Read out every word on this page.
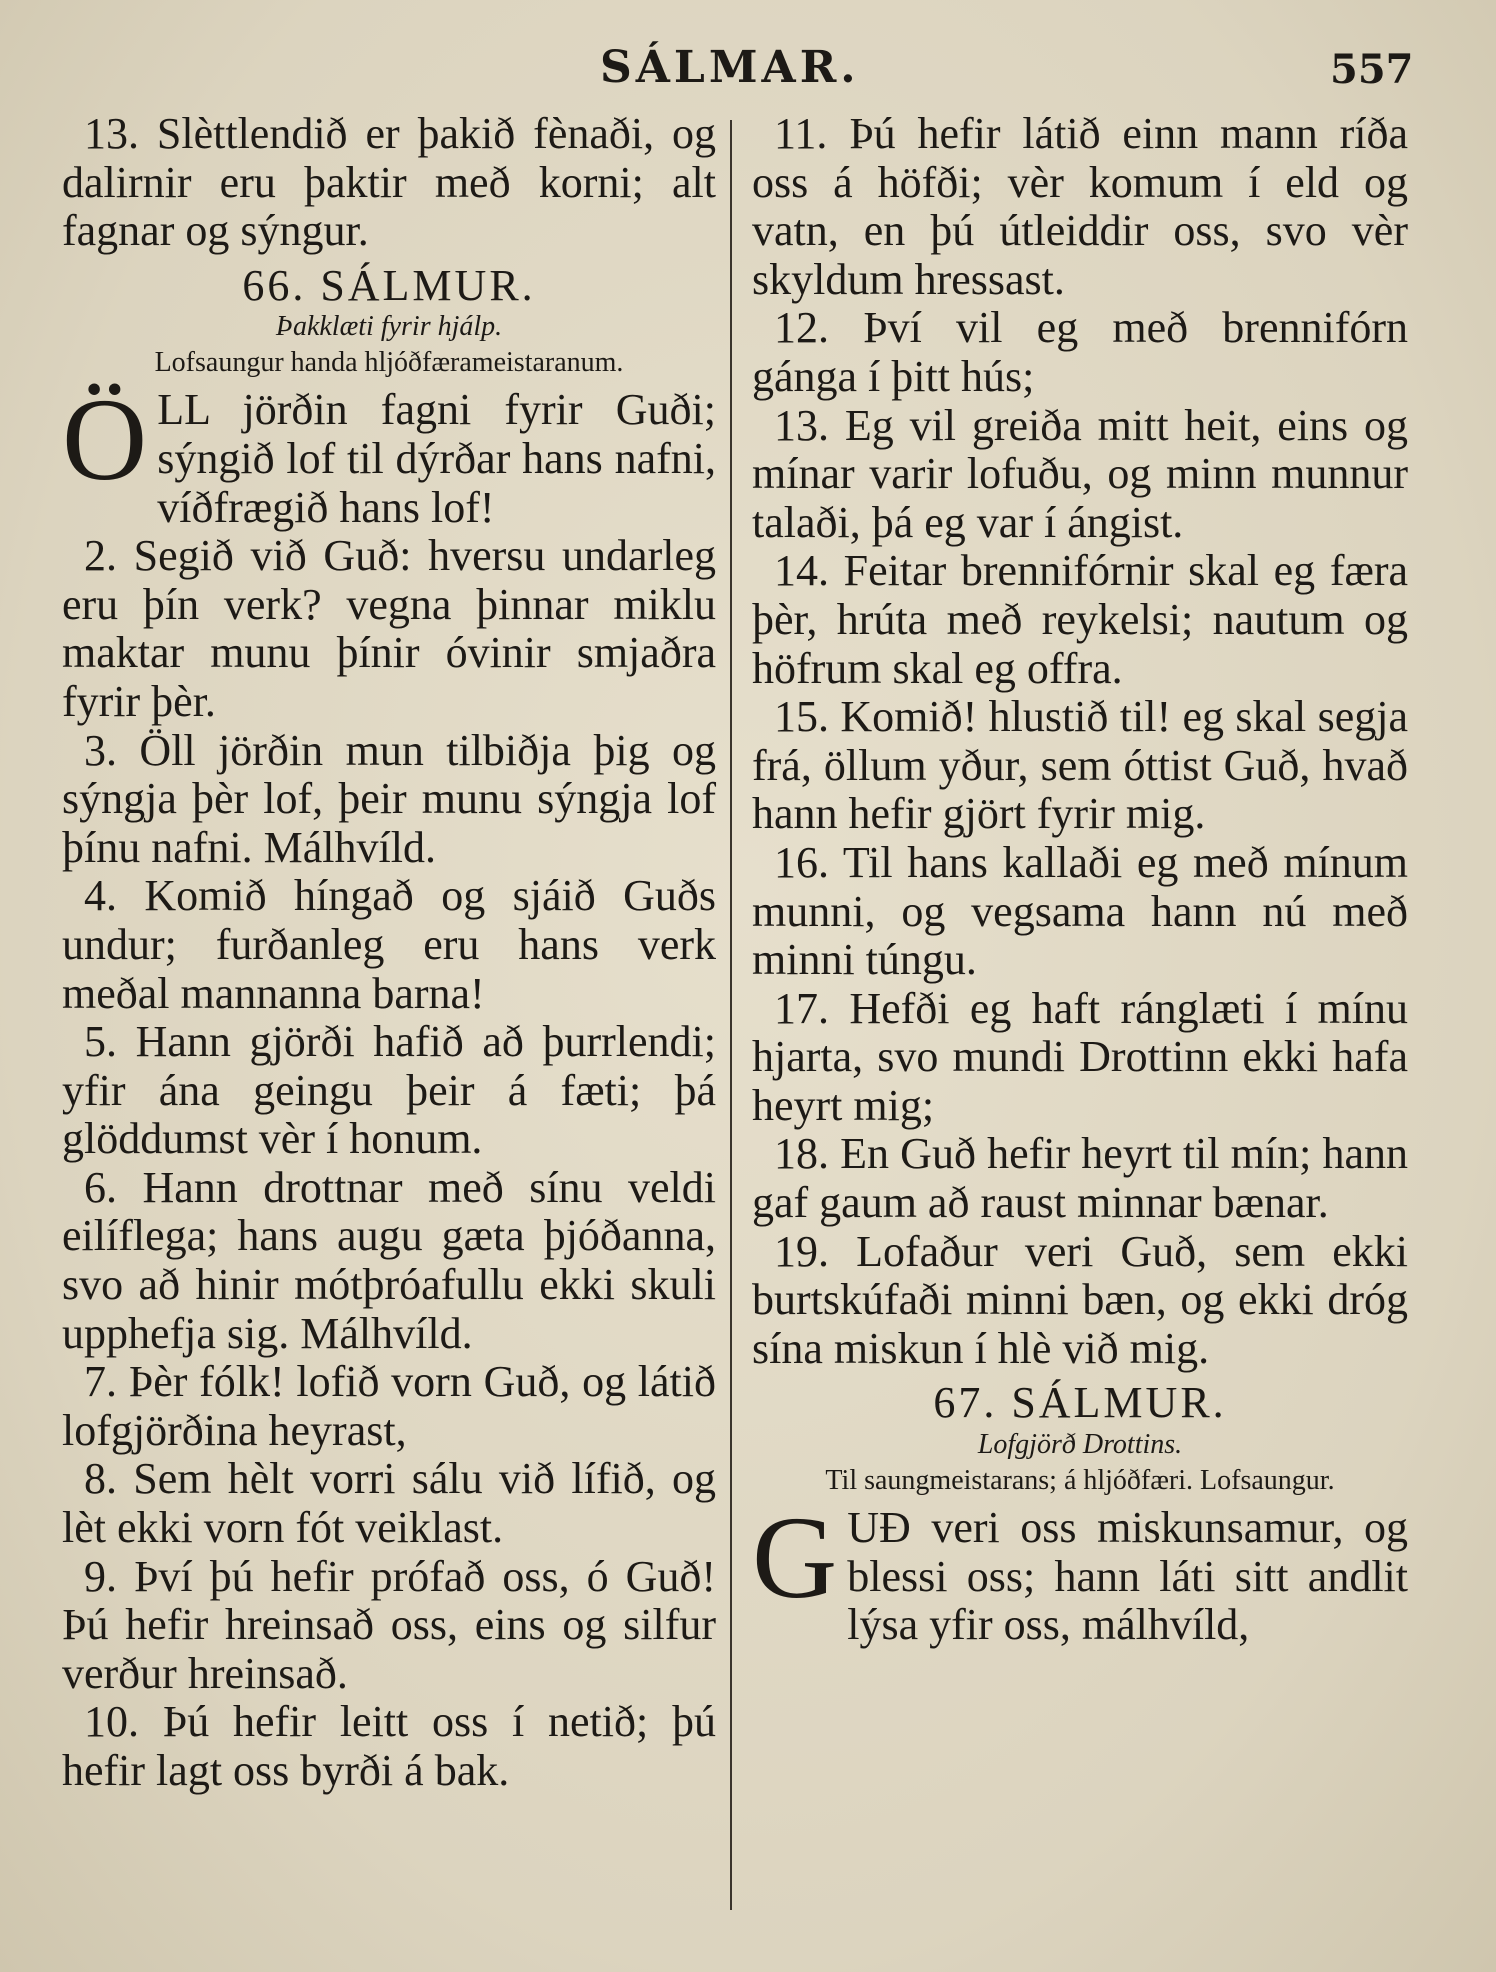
SÁLMAR.	557

13. Slèttlendið er þakið fènaði, og dalirnir eru þaktir með korni; alt fagnar og sýngur.

66. SÁLMUR.
Þakklæti fyrir hjálp.
Lofsaungur handa hljóðfærameistaranum.

ÖLL jörðin fagni fyrir Guði; sýngið lof til dýrðar hans nafni, víðfrægið hans lof!

2. Segið við Guð: hversu undarleg eru þín verk? vegna þinnar miklu maktar munu þínir óvinir smjaðra fyrir þèr.

3. Öll jörðin mun tilbiðja þig og sýngja þèr lof, þeir munu sýngja lof þínu nafni. Málhvíld.

4. Komið híngað og sjáið Guðs undur; furðanleg eru hans verk meðal mannanna barna!

5. Hann gjörði hafið að þurrlendi; yfir ána geingu þeir á fæti; þá glöddumst vèr í honum.

6. Hann drottnar með sínu veldi eilíflega; hans augu gæta þjóðanna, svo að hinir mótþróafullu ekki skuli upphefja sig. Málhvíld.

7. Þèr fólk! lofið vorn Guð, og látið lofgjörðina heyrast,

8. Sem hèlt vorri sálu við lífið, og lèt ekki vorn fót veiklast.

9. Því þú hefir prófað oss, ó Guð! Þú hefir hreinsað oss, eins og silfur verður hreinsað.

10. Þú hefir leitt oss í netið; þú hefir lagt oss byrði á bak.

11. Þú hefir látið einn mann ríða oss á höfði; vèr komum í eld og vatn, en þú útleiddir oss, svo vèr skyldum hressast.

12. Því vil eg með brennifórn gánga í þitt hús;

13. Eg vil greiða mitt heit, eins og mínar varir lofuðu, og minn munnur talaði, þá eg var í ángist.

14. Feitar brennifórnir skal eg færa þèr, hrúta með reykelsi; nautum og höfrum skal eg offra.

15. Komið! hlustið til! eg skal segja frá, öllum yður, sem óttist Guð, hvað hann hefir gjört fyrir mig.

16. Til hans kallaði eg með mínum munni, og vegsama hann nú með minni túngu.

17. Hefði eg haft ránglæti í mínu hjarta, svo mundi Drottinn ekki hafa heyrt mig;

18. En Guð hefir heyrt til mín; hann gaf gaum að raust minnar bænar.

19. Lofaður veri Guð, sem ekki burtskúfaði minni bæn, og ekki dróg sína miskun í hlè við mig.

67. SÁLMUR.
Lofgjörð Drottins.
Til saungmeistarans; á hljóðfæri. Lofsaungur.

GUÐ veri oss miskunsamur, og blessi oss; hann láti sitt andlit lýsa yfir oss, málhvíld,
